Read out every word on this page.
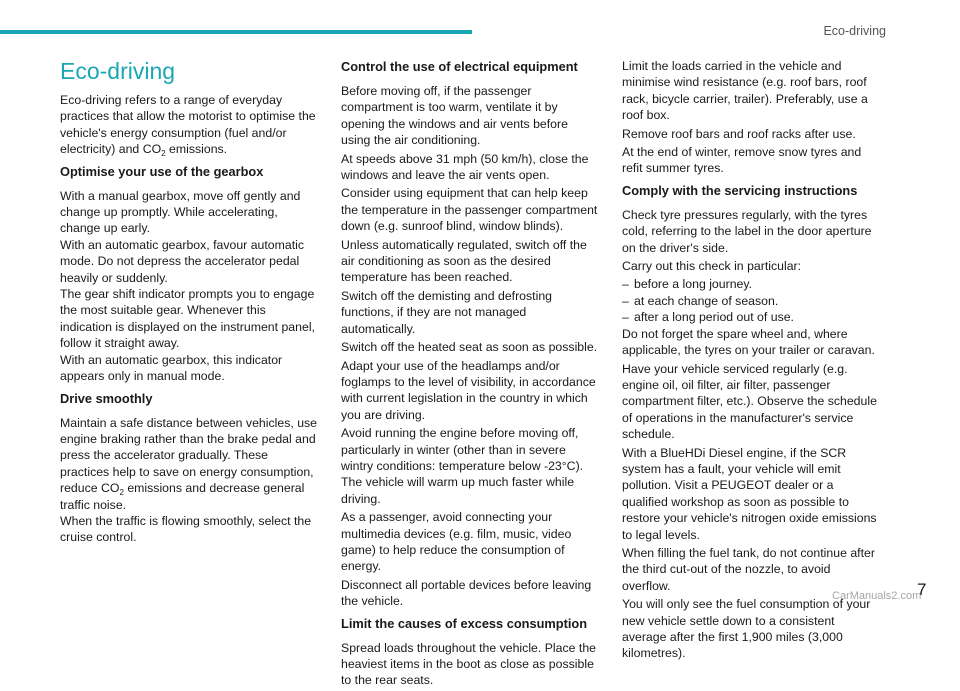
Eco-driving
Eco-driving

Eco-driving refers to a range of everyday practices that allow the motorist to optimise the vehicle's energy consumption (fuel and/or electricity) and $CO_2$ emissions.

Optimise your use of the gearbox

With a manual gearbox, move off gently and change up promptly. While accelerating, change up early.

With an automatic gearbox, favour automatic mode. Do not depress the accelerator pedal heavily or suddenly.

The gear shift indicator prompts you to engage the most suitable gear. Whenever this indication is displayed on the instrument panel, follow it straight away.

With an automatic gearbox, this indicator appears only in manual mode.

Drive smoothly

Maintain a safe distance between vehicles, use engine braking rather than the brake pedal and press the accelerator gradually. These practices help to save on energy consumption, reduce $CO_2$ emissions and decrease general traffic noise.

When the traffic is flowing smoothly, select the cruise control.

Control the use of electrical equipment

Before moving off, if the passenger compartment is too warm, ventilate it by opening the windows and air vents before using the air conditioning.

At speeds above 31 mph (50 km/h), close the windows and leave the air vents open.

Consider using equipment that can help keep the temperature in the passenger compartment down (e.g. sunroof blind, window blinds).

Unless automatically regulated, switch off the air conditioning as soon as the desired temperature has been reached.

Switch off the demisting and defrosting functions, if they are not managed automatically.

Switch off the heated seat as soon as possible.

Adapt your use of the headlamps and/or foglamps to the level of visibility, in accordance with current legislation in the country in which you are driving.

Avoid running the engine before moving off, particularly in winter (other than in severe wintry conditions: temperature below -23°C). The vehicle will warm up much faster while driving.

As a passenger, avoid connecting your multimedia devices (e.g. film, music, video game) to help reduce the consumption of energy.

Disconnect all portable devices before leaving the vehicle.

Limit the causes of excess consumption

Spread loads throughout the vehicle. Place the heaviest items in the boot as close as possible to the rear seats.

Limit the loads carried in the vehicle and minimise wind resistance (e.g. roof bars, roof rack, bicycle carrier, trailer). Preferably, use a roof box.

Remove roof bars and roof racks after use.

At the end of winter, remove snow tyres and refit summer tyres.

Comply with the servicing instructions

Check tyre pressures regularly, with the tyres cold, referring to the label in the door aperture on the driver's side.

Carry out this check in particular:

– before a long journey.

– at each change of season.

– after a long period out of use.

Do not forget the spare wheel and, where applicable, the tyres on your trailer or caravan.

Have your vehicle serviced regularly (e.g. engine oil, oil filter, air filter, passenger compartment filter, etc.). Observe the schedule of operations in the manufacturer's service schedule.

With a BlueHDi Diesel engine, if the SCR system has a fault, your vehicle will emit pollution. Visit a PEUGEOT dealer or a qualified workshop as soon as possible to restore your vehicle's nitrogen oxide emissions to legal levels.

When filling the fuel tank, do not continue after the third cut-out of the nozzle, to avoid overflow.

You will only see the fuel consumption of your new vehicle settle down to a consistent average after the first 1,900 miles (3,000 kilometres).

7
CarManuals2.com
